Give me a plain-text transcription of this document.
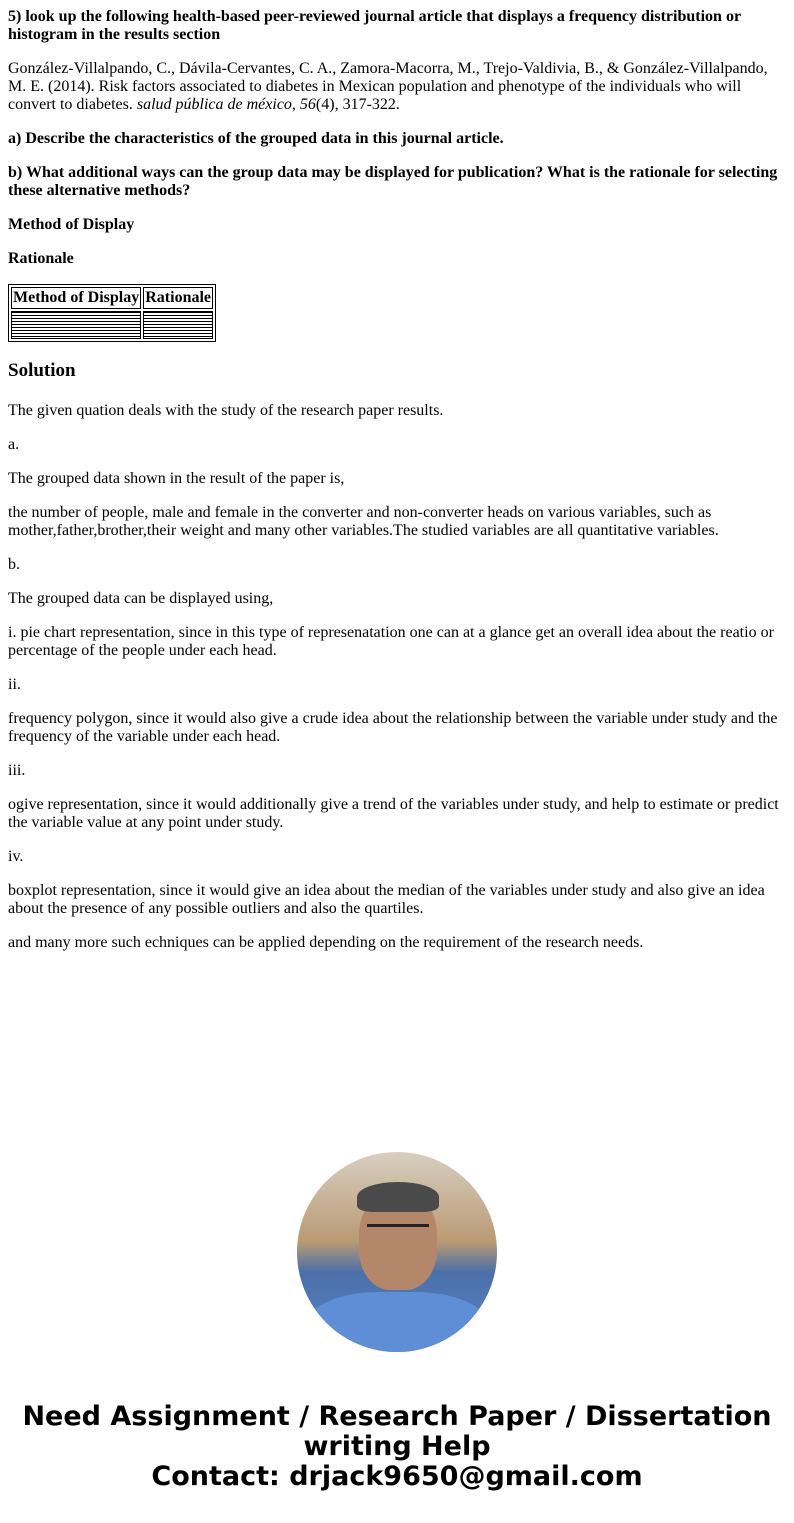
5) look up the following health-based peer-reviewed journal article that displays a frequency distribution or histogram in the results section

González-Villalpando, C., Dávila-Cervantes, C. A., Zamora-Macorra, M., Trejo-Valdivia, B., & González-Villalpando, M. E. (2014). Risk factors associated to diabetes in Mexican population and phenotype of the individuals who will convert to diabetes. salud pública de méxico, 56(4), 317-322.

a) Describe the characteristics of the grouped data in this journal article.

b) What additional ways can the group data may be displayed for publication? What is the rationale for selecting these alternative methods?

Method of Display

Rationale

Method of Display	Rationale

Solution

The given quation deals with the study of the research paper results.

a.

The grouped data shown in the result of the paper is,

the number of people, male and female in the converter and non-converter heads on various variables, such as mother,father,brother,their weight and many other variables.The studied variables are all quantitative variables.

b.

The grouped data can be displayed using,

i. pie chart representation, since in this type of represenatation one can at a glance get an overall idea about the reatio or percentage of the people under each head.

ii.

frequency polygon, since it would also give a crude idea about the relationship between the variable under study and the frequency of the variable under each head.

iii.

ogive representation, since it would additionally give a trend of the variables under study, and help to estimate or predict the variable value at any point under study.

iv.

boxplot representation, since it would give an idea about the median of the variables under study and also give an idea about the presence of any possible outliers and also the quartiles.

and many more such echniques can be applied depending on the requirement of the research needs.

Need Assignment / Research Paper / Dissertation
writing Help
Contact: drjack9650@gmail.com
